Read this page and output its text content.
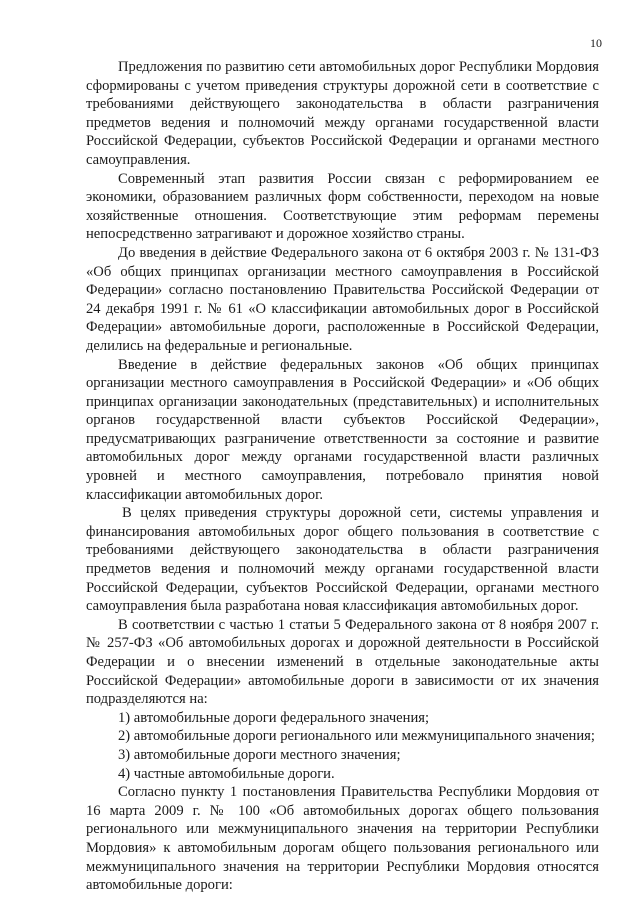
10

Предложения по развитию сети автомобильных дорог Республики Мордовия сформированы с учетом приведения структуры дорожной сети в соответствие с требованиями действующего законодательства в области разграничения предметов ведения и полномочий между органами государственной власти Российской Федерации, субъектов Российской Федерации и органами местного самоуправления.

Современный этап развития России связан с реформированием ее экономики, образованием различных форм собственности, переходом на новые хозяйственные отношения. Соответствующие этим реформам перемены непосредственно затрагивают и дорожное хозяйство страны.

До введения в действие Федерального закона от 6 октября 2003 г. № 131-ФЗ «Об общих принципах организации местного самоуправления в Российской Федерации» согласно постановлению Правительства Российской Федерации от 24 декабря 1991 г. № 61 «О классификации автомобильных дорог в Российской Федерации» автомобильные дороги, расположенные в Российской Федерации, делились на федеральные и региональные.

Введение в действие федеральных законов «Об общих принципах организации местного самоуправления в Российской Федерации» и «Об общих принципах организации законодательных (представительных) и исполнительных органов государственной власти субъектов Российской Федерации», предусматривающих разграничение ответственности за состояние и развитие автомобильных дорог между органами государственной власти различных уровней и местного самоуправления, потребовало принятия новой классификации автомобильных дорог.

В целях приведения структуры дорожной сети, системы управления и финансирования автомобильных дорог общего пользования в соответствие с требованиями действующего законодательства в области разграничения предметов ведения и полномочий между органами государственной власти Российской Федерации, субъектов Российской Федерации, органами местного самоуправления была разработана новая классификация автомобильных дорог.

В соответствии с частью 1 статьи 5 Федерального закона от 8 ноября 2007 г. № 257-ФЗ «Об автомобильных дорогах и дорожной деятельности в Российской Федерации и о внесении изменений в отдельные законодательные акты Российской Федерации» автомобильные дороги в зависимости от их значения подразделяются на:

1) автомобильные дороги федерального значения;

2) автомобильные дороги регионального или межмуниципального значения;

3) автомобильные дороги местного значения;

4) частные автомобильные дороги.

Согласно пункту 1 постановления Правительства Республики Мордовия от 16 марта 2009 г. № 100 «Об автомобильных дорогах общего пользования регионального или межмуниципального значения на территории Республики Мордовия» к автомобильным дорогам общего пользования регионального или межмуниципального значения на территории Республики Мордовия относятся автомобильные дороги:
